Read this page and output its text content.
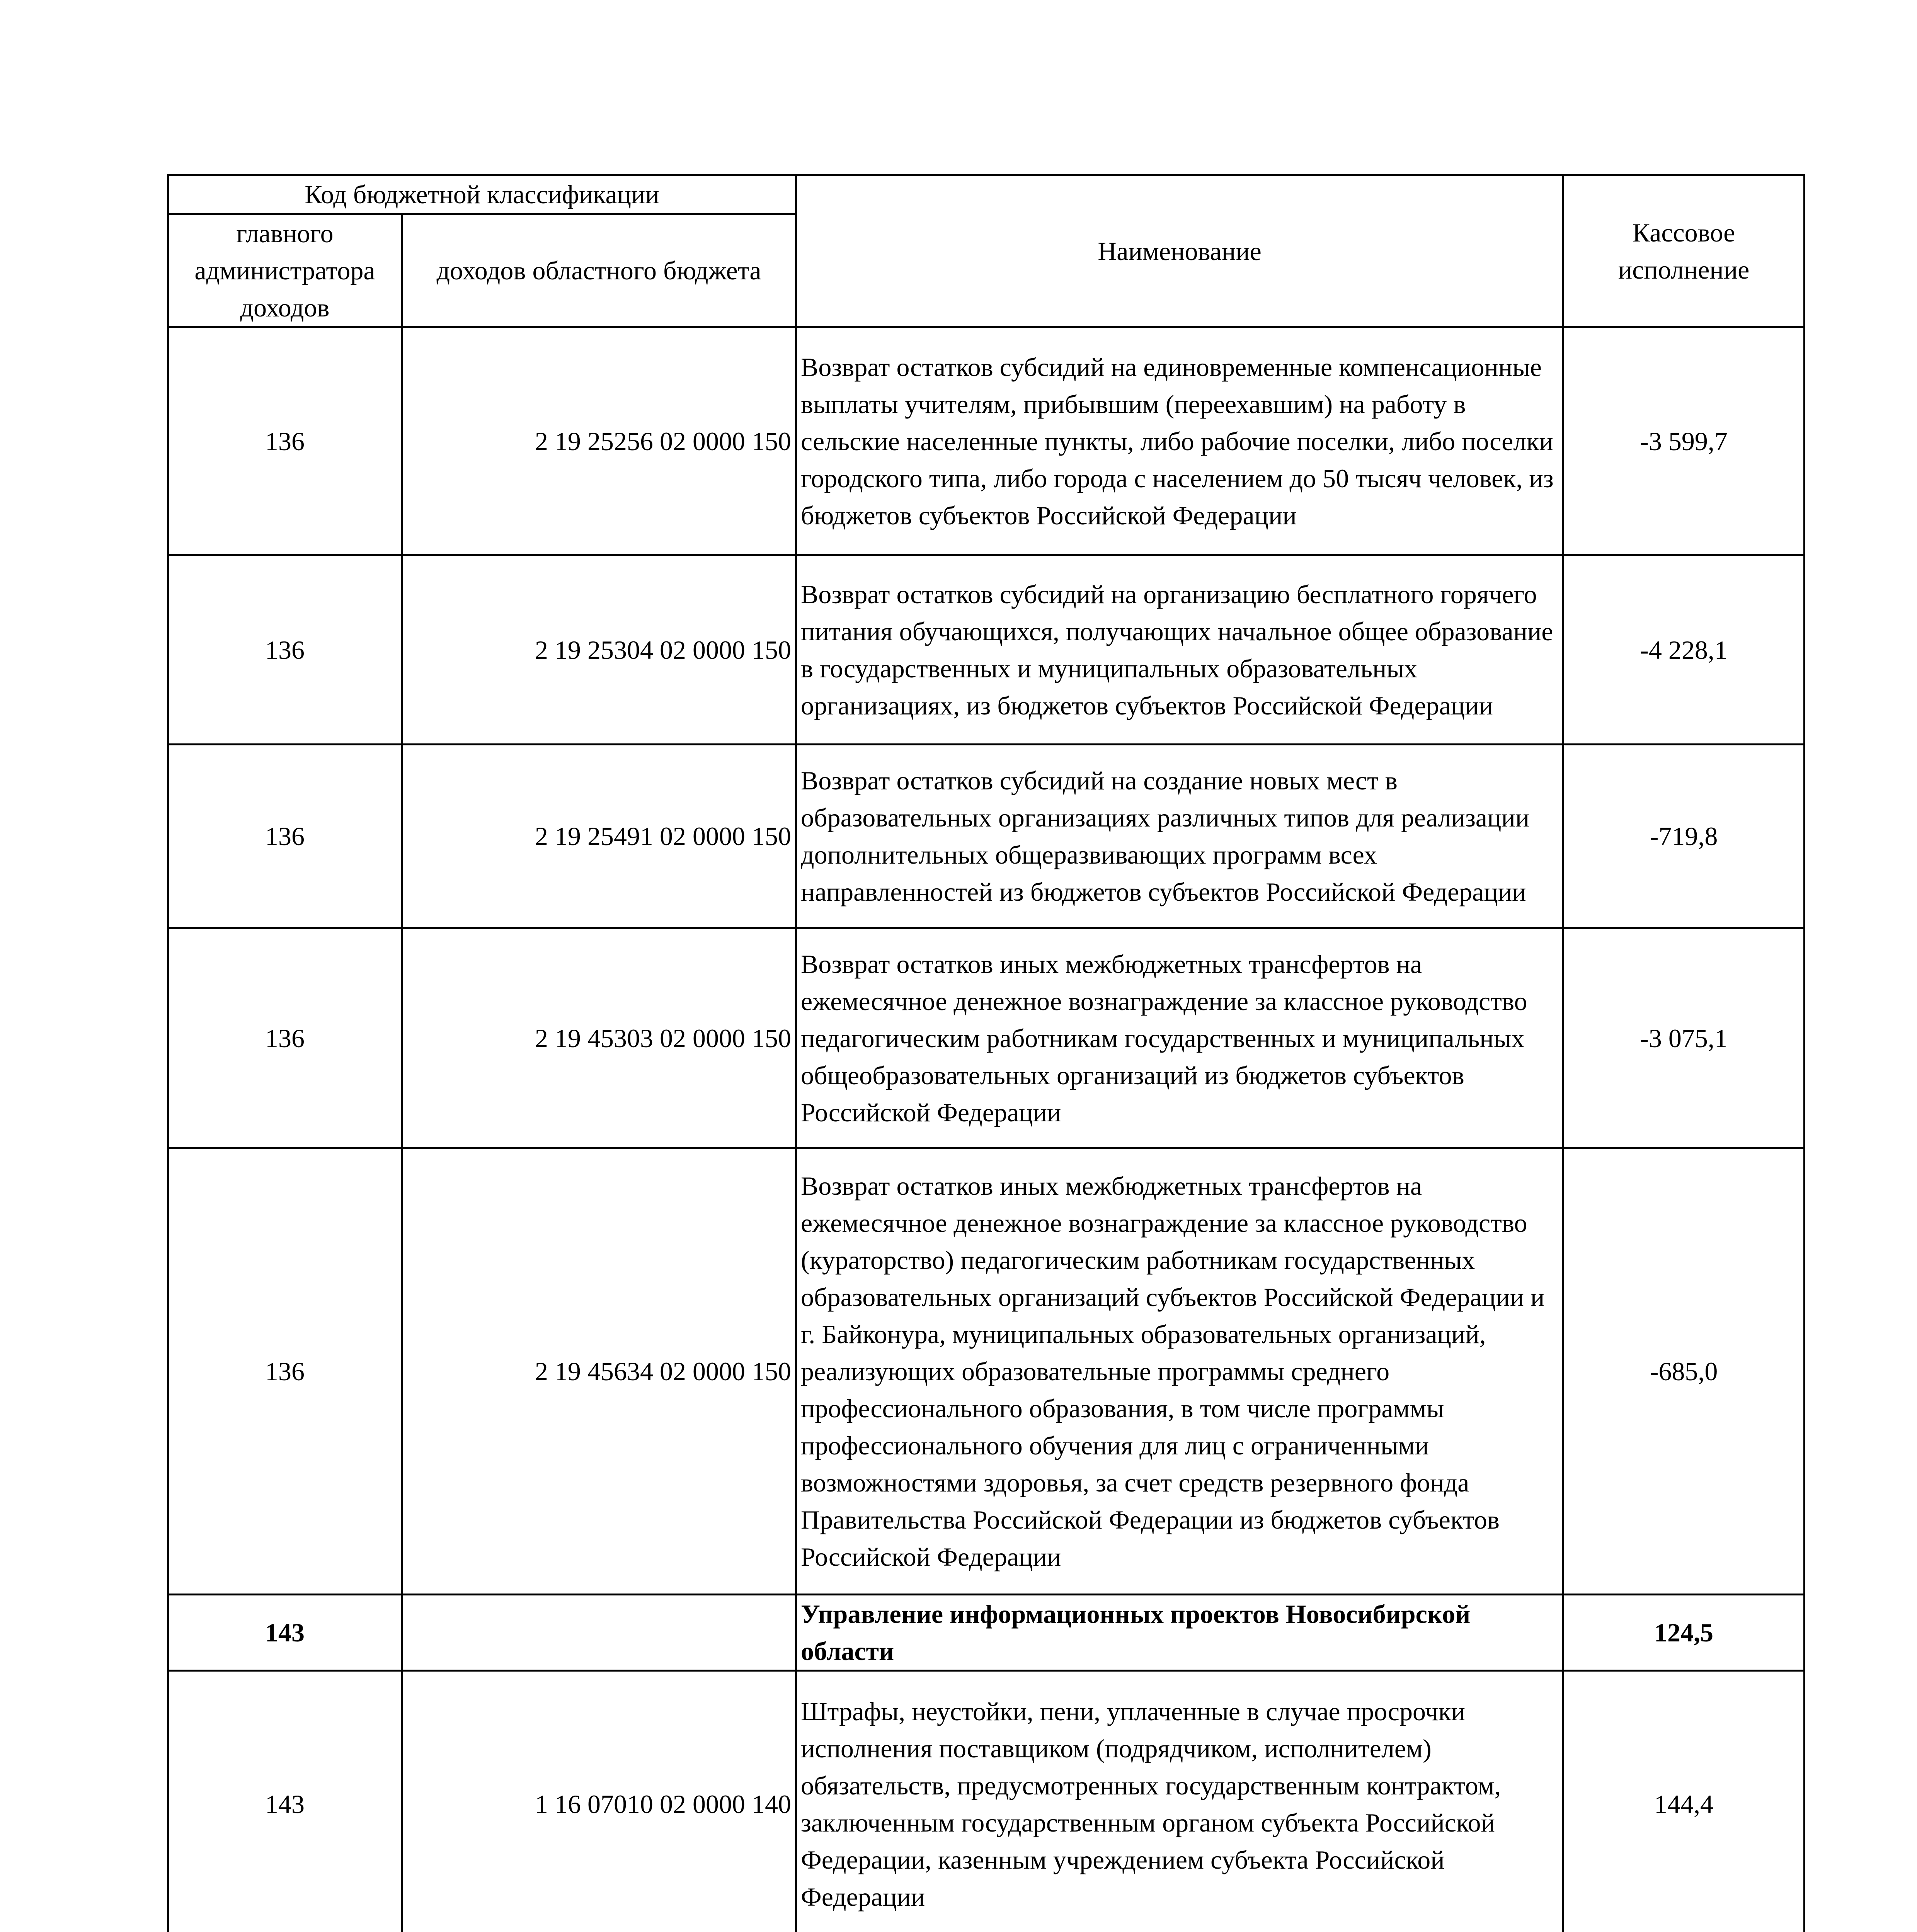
Код бюджетной классификации		Наименование	Кассовое исполнение
главного администратора доходов	доходов областного бюджета		
136	2 19 25256 02 0000 150	Возврат остатков субсидий на единовременные компенсационные выплаты учителям, прибывшим (переехавшим) на работу в сельские населенные пункты, либо рабочие поселки, либо поселки городского типа, либо города с населением до 50 тысяч человек, из бюджетов субъектов Российской Федерации	-3 599,7
136	2 19 25304 02 0000 150	Возврат остатков субсидий на организацию бесплатного горячего питания обучающихся, получающих начальное общее образование в государственных и муниципальных образовательных организациях, из бюджетов субъектов Российской Федерации	-4 228,1
136	2 19 25491 02 0000 150	Возврат остатков субсидий на создание новых мест в образовательных организациях различных типов для реализации дополнительных общеразвивающих программ всех направленностей из бюджетов субъектов Российской Федерации	-719,8
136	2 19 45303 02 0000 150	Возврат остатков иных межбюджетных трансфертов на ежемесячное денежное вознаграждение за классное руководство педагогическим работникам государственных и муниципальных общеобразовательных организаций из бюджетов субъектов Российской Федерации	-3 075,1
136	2 19 45634 02 0000 150	Возврат остатков иных межбюджетных трансфертов на ежемесячное денежное вознаграждение за классное руководство (кураторство) педагогическим работникам государственных образовательных организаций субъектов Российской Федерации и г. Байконура, муниципальных образовательных организаций, реализующих образовательные программы среднего профессионального образования, в том числе программы профессионального обучения для лиц с ограниченными возможностями здоровья, за счет средств резервного фонда Правительства Российской Федерации из бюджетов субъектов Российской Федерации	-685,0
143		Управление информационных проектов Новосибирской области	124,5
143	1 16 07010 02 0000 140	Штрафы, неустойки, пени, уплаченные в случае просрочки исполнения поставщиком (подрядчиком, исполнителем) обязательств, предусмотренных государственным контрактом, заключенным государственным органом субъекта Российской Федерации, казенным учреждением субъекта Российской Федерации	144,4
